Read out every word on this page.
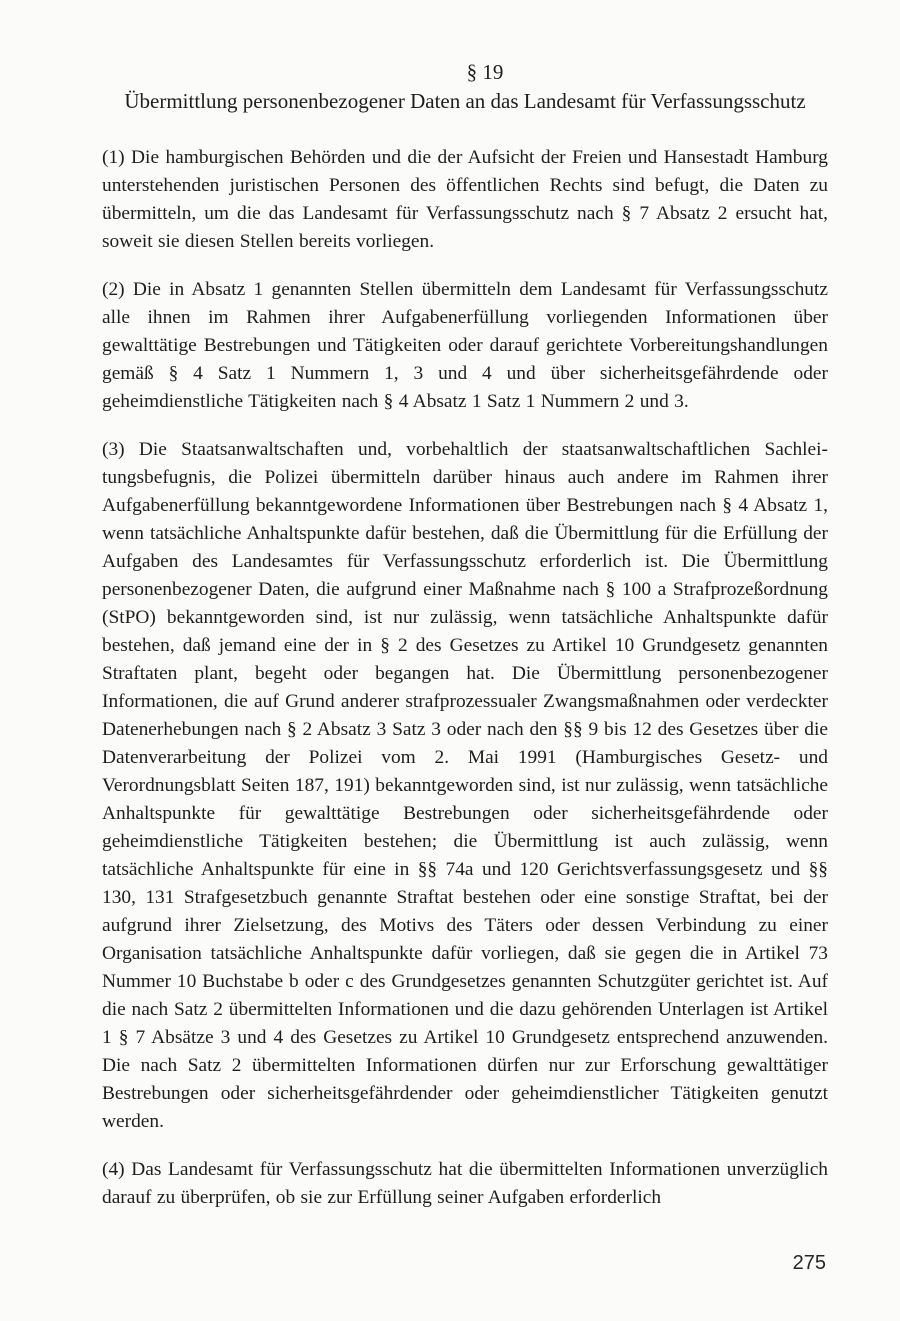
§ 19
Übermittlung personenbezogener Daten an das Landesamt für Verfassungsschutz

(1) Die hamburgischen Behörden und die der Aufsicht der Freien und Hansestadt Hamburg unterstehenden juristischen Personen des öffentlichen Rechts sind befugt, die Daten zu übermitteln, um die das Landesamt für Verfassungsschutz nach § 7 Absatz 2 ersucht hat, soweit sie diesen Stellen bereits vorliegen.

(2) Die in Absatz 1 genannten Stellen übermitteln dem Landesamt für Verfassungsschutz alle ihnen im Rahmen ihrer Aufgabenerfüllung vorliegenden Informationen über gewalttätige Bestrebungen und Tätigkeiten oder darauf gerichtete Vorbereitungshandlungen gemäß § 4 Satz 1 Nummern 1, 3 und 4 und über sicherheitsgefährdende oder geheimdienstliche Tätigkeiten nach § 4 Absatz 1 Satz 1 Nummern 2 und 3.

(3) Die Staatsanwaltschaften und, vorbehaltlich der staatsanwaltschaftlichen Sachleitungsbefugnis, die Polizei übermitteln darüber hinaus auch andere im Rahmen ihrer Aufgabenerfüllung bekanntgewordene Informationen über Bestrebungen nach § 4 Absatz 1, wenn tatsächliche Anhaltspunkte dafür bestehen, daß die Übermittlung für die Erfüllung der Aufgaben des Landesamtes für Verfassungsschutz erforderlich ist. Die Übermittlung personenbezogener Daten, die aufgrund einer Maßnahme nach § 100 a Strafprozeßordnung (StPO) bekanntgeworden sind, ist nur zulässig, wenn tatsächliche Anhaltspunkte dafür bestehen, daß jemand eine der in § 2 des Gesetzes zu Artikel 10 Grundgesetz genannten Straftaten plant, begeht oder begangen hat. Die Übermittlung personenbezogener Informationen, die auf Grund anderer strafprozessualer Zwangsmaßnahmen oder verdeckter Datenerhebungen nach § 2 Absatz 3 Satz 3 oder nach den §§ 9 bis 12 des Gesetzes über die Datenverarbeitung der Polizei vom 2. Mai 1991 (Hamburgisches Gesetz- und Verordnungsblatt Seiten 187, 191) bekanntgeworden sind, ist nur zulässig, wenn tatsächliche Anhaltspunkte für gewalttätige Bestrebungen oder sicherheitsgefährdende oder geheimdienstliche Tätigkeiten bestehen; die Übermittlung ist auch zulässig, wenn tatsächliche Anhaltspunkte für eine in §§ 74a und 120 Gerichtsverfassungsgesetz und §§ 130, 131 Strafgesetzbuch genannte Straftat bestehen oder eine sonstige Straftat, bei der aufgrund ihrer Zielsetzung, des Motivs des Täters oder dessen Verbindung zu einer Organisation tatsächliche Anhaltspunkte dafür vorliegen, daß sie gegen die in Artikel 73 Nummer 10 Buchstabe b oder c des Grundgesetzes genannten Schutzgüter gerichtet ist. Auf die nach Satz 2 übermittelten Informationen und die dazu gehörenden Unterlagen ist Artikel 1 § 7 Absätze 3 und 4 des Gesetzes zu Artikel 10 Grundgesetz entsprechend anzuwenden. Die nach Satz 2 übermittelten Informationen dürfen nur zur Erforschung gewalttätiger Bestrebungen oder sicherheitsgefährdender oder geheimdienstlicher Tätigkeiten genutzt werden.

(4) Das Landesamt für Verfassungsschutz hat die übermittelten Informationen unverzüglich darauf zu überprüfen, ob sie zur Erfüllung seiner Aufgaben erforderlich

275
